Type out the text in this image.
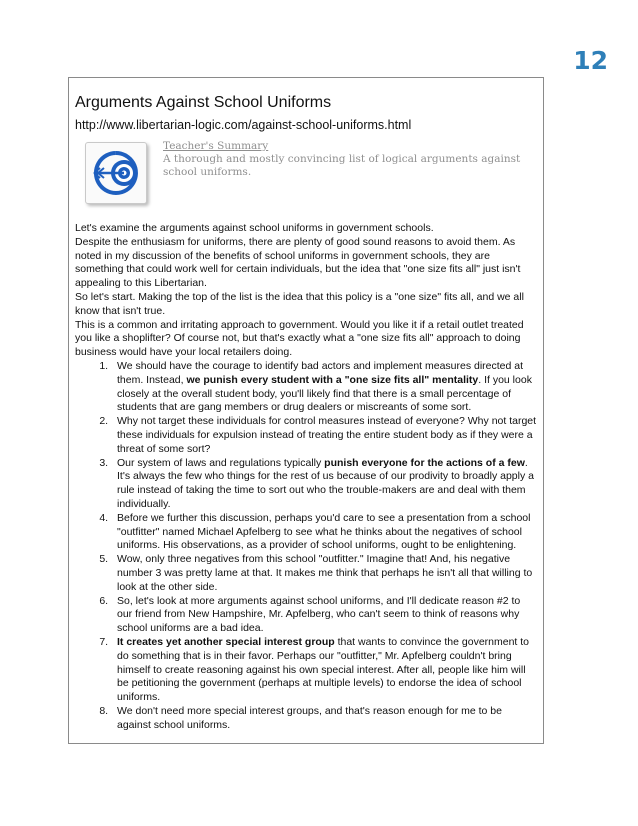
12
Arguments Against School Uniforms
http://www.libertarian-logic.com/against-school-uniforms.html
Teacher's Summary
A thorough and mostly convincing list of logical arguments against school uniforms.

Let's examine the arguments against school uniforms in government schools.

Despite the enthusiasm for uniforms, there are plenty of good sound reasons to avoid them. As noted in my discussion of the benefits of school uniforms in government schools, they are something that could work well for certain individuals, but the idea that "one size fits all" just isn't appealing to this Libertarian.

So let's start. Making the top of the list is the idea that this policy is a "one size" fits all, and we all know that isn't true.

This is a common and irritating approach to government. Would you like it if a retail outlet treated you like a shoplifter? Of course not, but that's exactly what a "one size fits all" approach to doing business would have your local retailers doing.

1. We should have the courage to identify bad actors and implement measures directed at them. Instead, we punish every student with a "one size fits all" mentality. If you look closely at the overall student body, you'll likely find that there is a small percentage of students that are gang members or drug dealers or miscreants of some sort.
2. Why not target these individuals for control measures instead of everyone? Why not target these individuals for expulsion instead of treating the entire student body as if they were a threat of some sort?
3. Our system of laws and regulations typically punish everyone for the actions of a few. It's always the few who things for the rest of us because of our prodivity to broadly apply a rule instead of taking the time to sort out who the trouble-makers are and deal with them individually.
4. Before we further this discussion, perhaps you'd care to see a presentation from a school "outfitter" named Michael Apfelberg to see what he thinks about the negatives of school uniforms. His observations, as a provider of school uniforms, ought to be enlightening.
5. Wow, only three negatives from this school "outfitter." Imagine that! And, his negative number 3 was pretty lame at that. It makes me think that perhaps he isn't all that willing to look at the other side.
6. So, let's look at more arguments against school uniforms, and I'll dedicate reason #2 to our friend from New Hampshire, Mr. Apfelberg, who can't seem to think of reasons why school uniforms are a bad idea.
7. It creates yet another special interest group that wants to convince the government to do something that is in their favor. Perhaps our "outfitter," Mr. Apfelberg couldn't bring himself to create reasoning against his own special interest. After all, people like him will be petitioning the government (perhaps at multiple levels) to endorse the idea of school uniforms.
8. We don't need more special interest groups, and that's reason enough for me to be against school uniforms.
